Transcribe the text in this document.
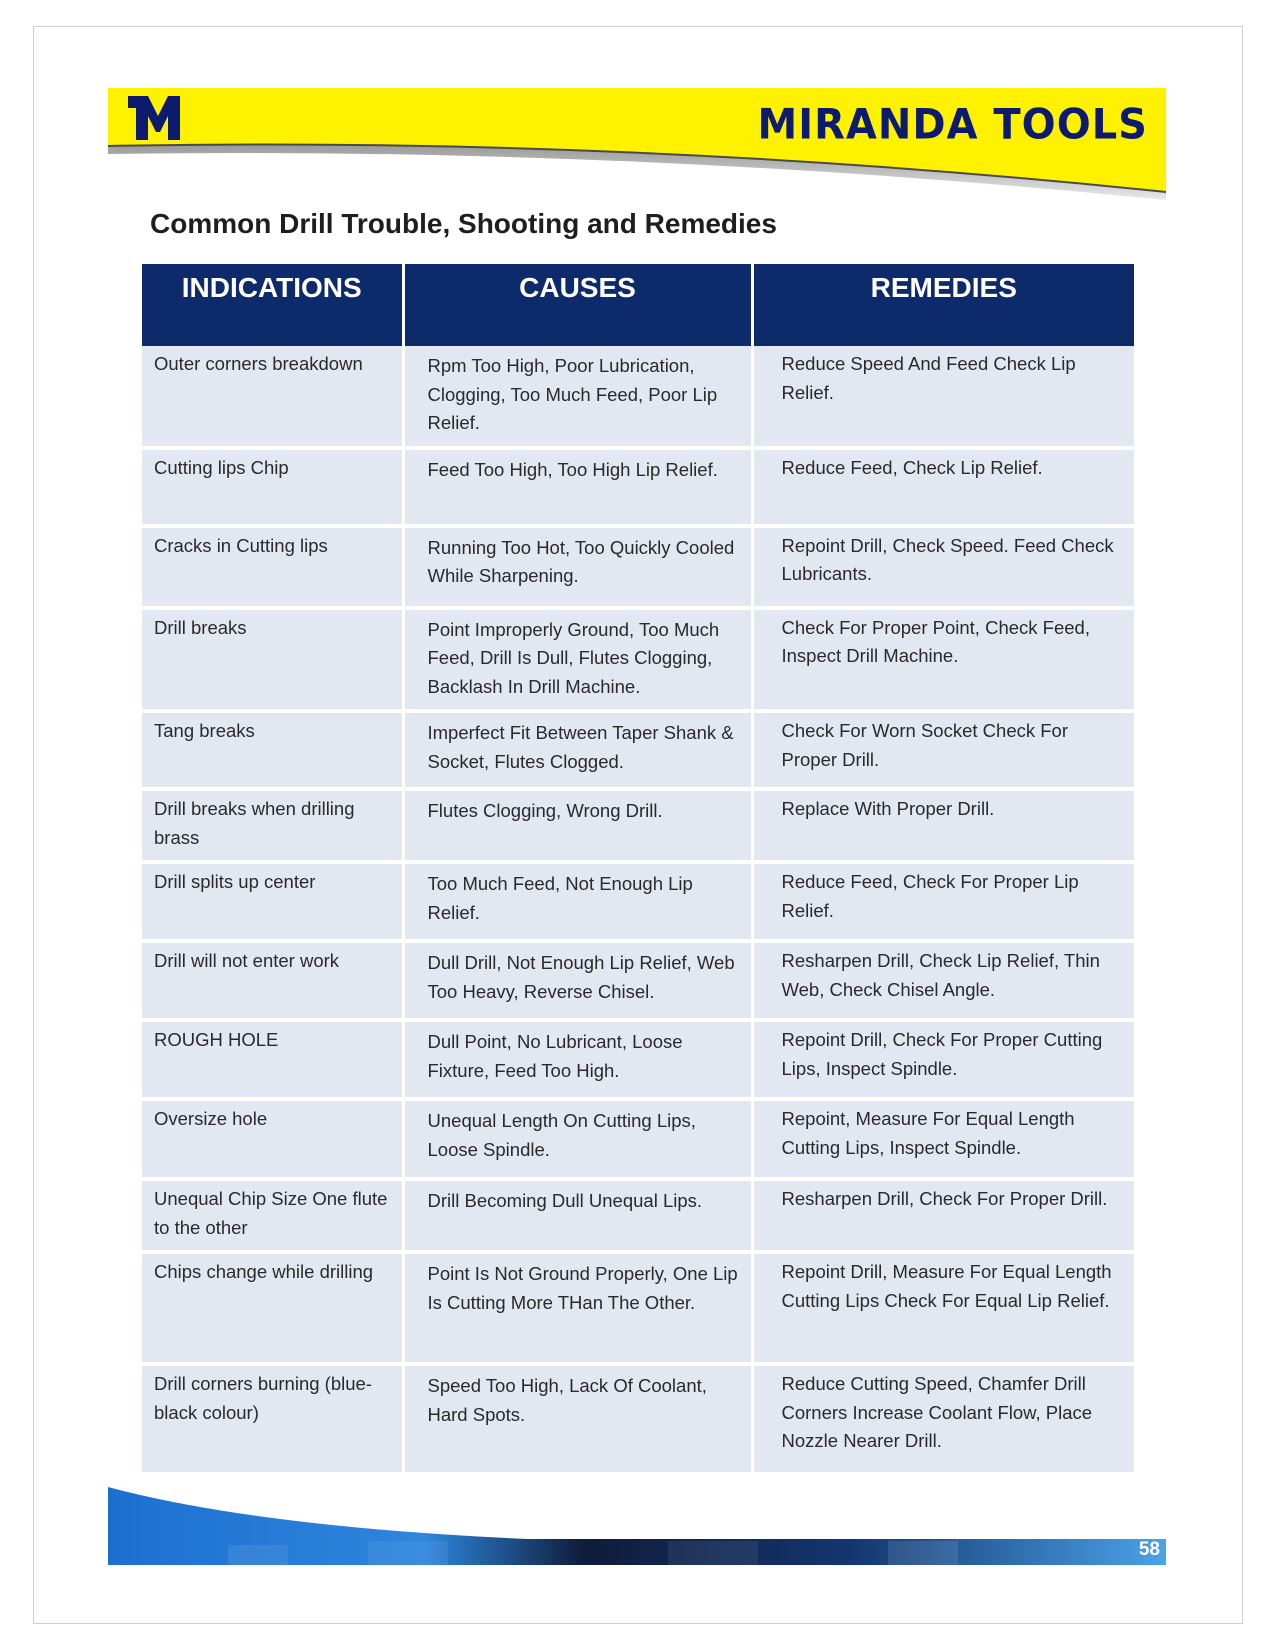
MIRANDA TOOLS
Common Drill Trouble, Shooting and Remedies
INDICATIONS	CAUSES	REMEDIES
Outer corners breakdown	Rpm Too High, Poor Lubrication, Clogging, Too Much Feed, Poor Lip Relief.	Reduce Speed And Feed Check Lip Relief.
Cutting lips Chip	Feed Too High, Too High Lip Relief.	Reduce Feed, Check Lip Relief.
Cracks in Cutting lips	Running Too Hot, Too Quickly Cooled While Sharpening.	Repoint Drill, Check Speed. Feed Check Lubricants.
Drill breaks	Point Improperly Ground, Too Much Feed, Drill Is Dull, Flutes Clogging, Backlash In Drill Machine.	Check For Proper Point, Check Feed, Inspect Drill Machine.
Tang breaks	Imperfect Fit Between Taper Shank & Socket, Flutes Clogged.	Check For Worn Socket Check For Proper Drill.
Drill breaks when drilling brass	Flutes Clogging, Wrong Drill.	Replace With Proper Drill.
Drill splits up center	Too Much Feed, Not Enough Lip Relief.	Reduce Feed, Check For Proper Lip Relief.
Drill will not enter work	Dull Drill, Not Enough Lip Relief, Web Too Heavy, Reverse Chisel.	Resharpen Drill, Check Lip Relief, Thin Web, Check Chisel Angle.
ROUGH HOLE	Dull Point, No Lubricant, Loose Fixture, Feed Too High.	Repoint Drill, Check For Proper Cutting Lips, Inspect Spindle.
Oversize hole	Unequal Length On Cutting Lips, Loose Spindle.	Repoint, Measure For Equal Length Cutting Lips, Inspect Spindle.
Unequal Chip Size One flute to the other	Drill Becoming Dull Unequal Lips.	Resharpen Drill, Check For Proper Drill.
Chips change while drilling	Point Is Not Ground Properly, One Lip Is Cutting More THan The Other.	Repoint Drill, Measure For Equal Length Cutting Lips Check For Equal Lip Relief.
Drill corners burning (blue-black colour)	Speed Too High, Lack Of Coolant, Hard Spots.	Reduce Cutting Speed, Chamfer Drill Corners Increase Coolant Flow, Place Nozzle Nearer Drill.
58
